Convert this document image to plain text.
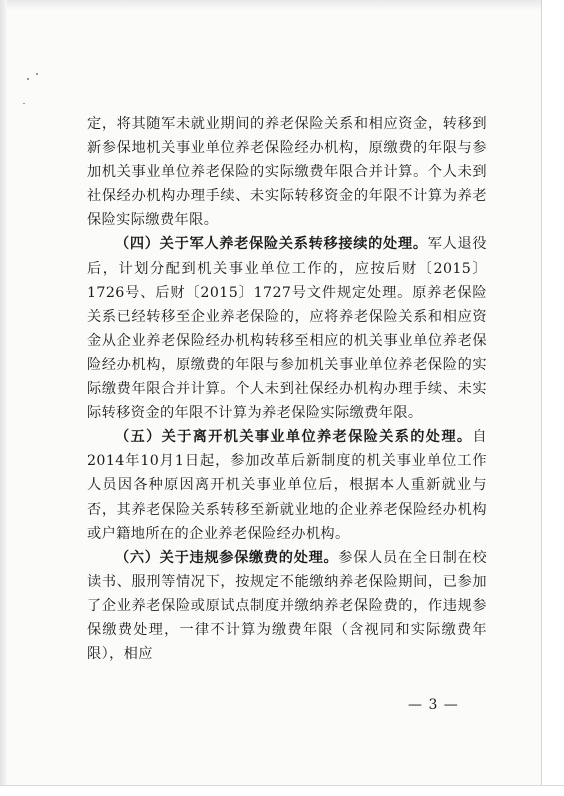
定，将其随军未就业期间的养老保险关系和相应资金，转移到新参保地机关事业单位养老保险经办机构，原缴费的年限与参加机关事业单位养老保险的实际缴费年限合并计算。个人未到社保经办机构办理手续、未实际转移资金的年限不计算为养老保险实际缴费年限。

（四）关于军人养老保险关系转移接续的处理。军人退役后，计划分配到机关事业单位工作的，应按后财〔2015〕1726号、后财〔2015〕1727号文件规定处理。原养老保险关系已经转移至企业养老保险的，应将养老保险关系和相应资金从企业养老保险经办机构转移至相应的机关事业单位养老保险经办机构，原缴费的年限与参加机关事业单位养老保险的实际缴费年限合并计算。个人未到社保经办机构办理手续、未实际转移资金的年限不计算为养老保险实际缴费年限。

（五）关于离开机关事业单位养老保险关系的处理。自2014年10月1日起，参加改革后新制度的机关事业单位工作人员因各种原因离开机关事业单位后，根据本人重新就业与否，其养老保险关系转移至新就业地的企业养老保险经办机构或户籍地所在的企业养老保险经办机构。

（六）关于违规参保缴费的处理。参保人员在全日制在校读书、服刑等情况下，按规定不能缴纳养老保险期间，已参加了企业养老保险或原试点制度并缴纳养老保险费的，作违规参保缴费处理，一律不计算为缴费年限（含视同和实际缴费年限），相应

— 3 —
